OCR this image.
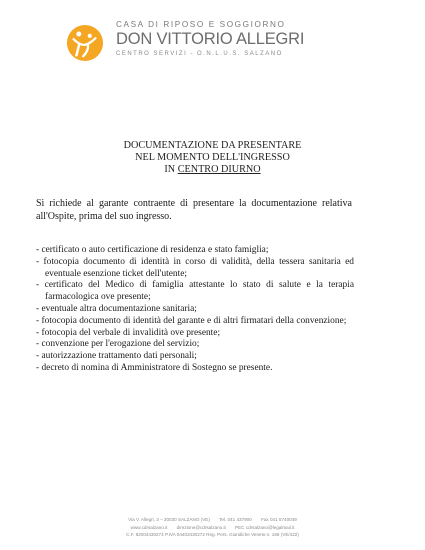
CASA DI RIPOSO E SOGGIORNO
DON VITTORIO ALLEGRI
CENTRO SERVIZI - O.N.L.U.S. SALZANO
DOCUMENTAZIONE DA PRESENTARE
NEL MOMENTO DELL'INGRESSO
IN CENTRO DIURNO
Si richiede al garante contraente di presentare la documentazione relativa all'Ospite, prima del suo ingresso.
- certificato o auto certificazione di residenza e stato famiglia;
- fotocopia documento di identità in corso di validità, della tessera sanitaria ed eventuale esenzione ticket dell'utente;
- certificato del Medico di famiglia attestante lo stato di salute e la terapia farmacologica ove presente;
- eventuale altra documentazione sanitaria;
- fotocopia documento di identità del garante e di altri firmatari della convenzione;
- fotocopia del verbale di invalidità ove presente;
- convenzione per l'erogazione del servizio;
- autorizzazione trattamento dati personali;
- decreto di nomina di Amministratore di Sostegno se presente.
Via V. Allegri, 3 – 30030 SALZANO (VE) Tel. 041 437900 Fax 041 5740049
www.cdrsalzano.it direzione@cdrsalzano.it PEC cdrsalzano@legalmail.it
C.F. 82004430274 P.IVA 04403430272 Reg. Pers. Giuridiche Veneto n. 166 (VE/422)
